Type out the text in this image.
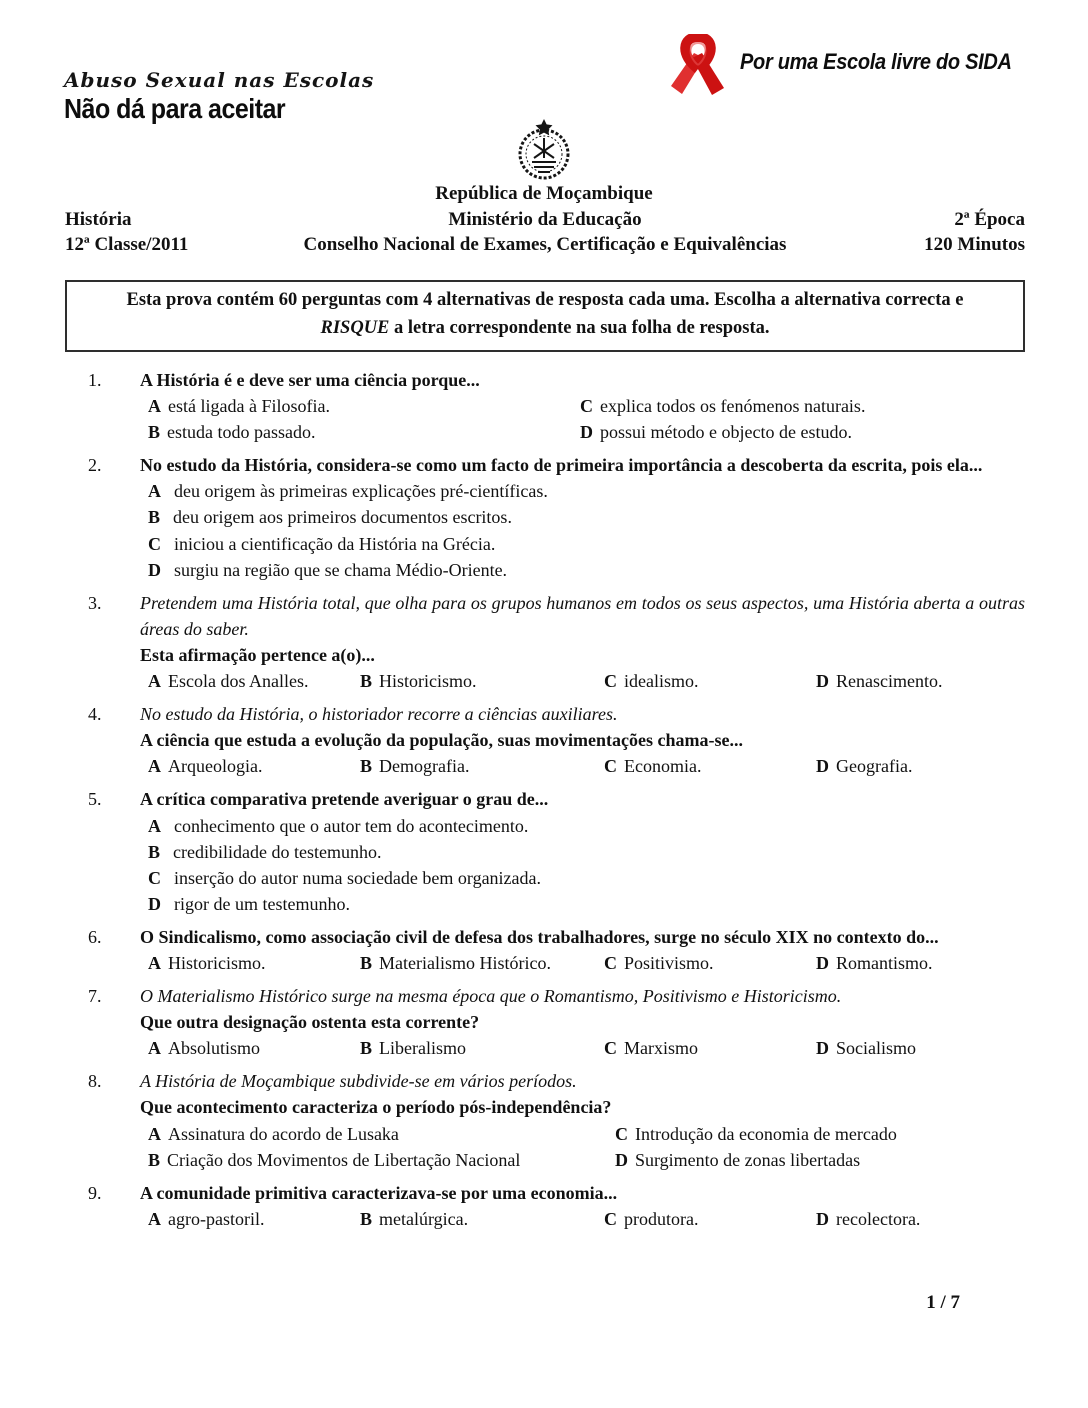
Abuso Sexual nas Escolas
Não dá para aceitar
Por uma Escola livre do SIDA
República de Moçambique
História	Ministério da Educação	2ª Época
12ª Classe/2011	Conselho Nacional de Exames, Certificação e Equivalências	120 Minutos
Esta prova contém 60 perguntas com 4 alternativas de resposta cada uma. Escolha a alternativa correcta e RISQUE a letra correspondente na sua folha de resposta.
1.	A História é e deve ser uma ciência porque...
A está ligada à Filosofia.
B estuda todo passado.
C explica todos os fenómenos naturais.
D possui método e objecto de estudo.
2.	No estudo da História, considera-se como um facto de primeira importância a descoberta da escrita, pois ela...
A deu origem às primeiras explicações pré-científicas.
B deu origem aos primeiros documentos escritos.
C iniciou a cientificação da História na Grécia.
D surgiu na região que se chama Médio-Oriente.
3.	Pretendem uma História total, que olha para os grupos humanos em todos os seus aspectos, uma História aberta a outras áreas do saber.
Esta afirmação pertence a(o)...
A Escola dos Analles.	B Historicismo.	C idealismo.	D Renascimento.
4.	No estudo da História, o historiador recorre a ciências auxiliares.
A ciência que estuda a evolução da população, suas movimentações chama-se...
A Arqueologia.	B Demografia.	C Economia.	D Geografia.
5.	A crítica comparativa pretende averiguar o grau de...
A conhecimento que o autor tem do acontecimento.
B credibilidade do testemunho.
C inserção do autor numa sociedade bem organizada.
D rigor de um testemunho.
6.	O Sindicalismo, como associação civil de defesa dos trabalhadores, surge no século XIX no contexto do...
A Historicismo.	B Materialismo Histórico.	C Positivismo.	D Romantismo.
7.	O Materialismo Histórico surge na mesma época que o Romantismo, Positivismo e Historicismo.
Que outra designação ostenta esta corrente?
A Absolutismo	B Liberalismo	C Marxismo	D Socialismo
8.	A História de Moçambique subdivide-se em vários períodos.
Que acontecimento caracteriza o período pós-independência?
A Assinatura do acordo de Lusaka
B Criação dos Movimentos de Libertação Nacional
C Introdução da economia de mercado
D Surgimento de zonas libertadas
9.	A comunidade primitiva caracterizava-se por uma economia...
A agro-pastoril.	B metalúrgica.	C produtora.	D recolectora.
1 / 7
